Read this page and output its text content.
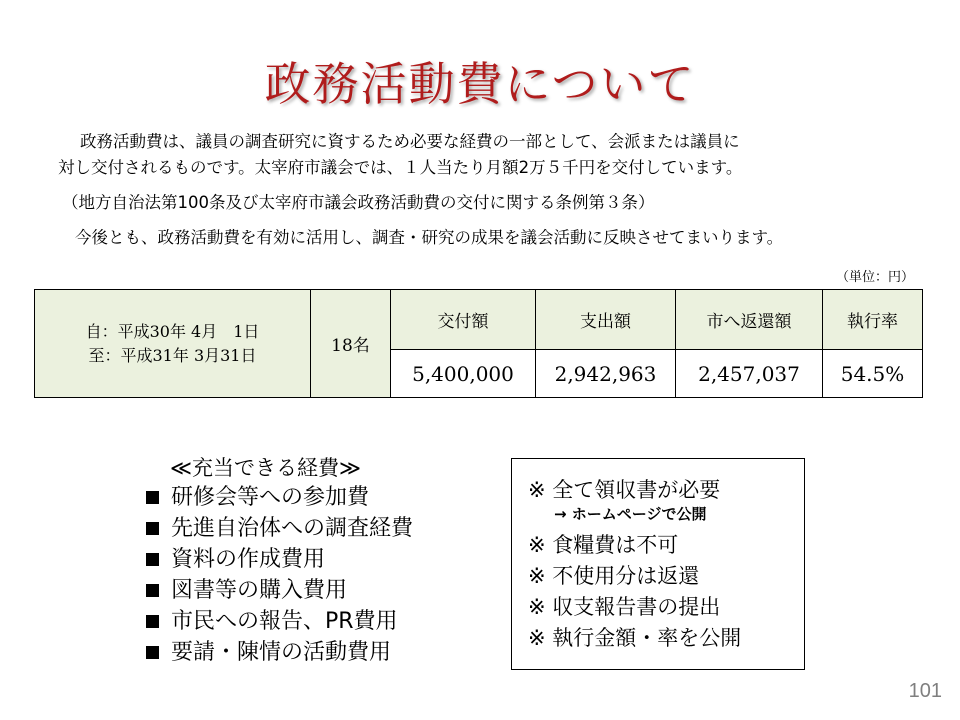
政務活動費について
政務活動費は、議員の調査研究に資するため必要な経費の一部として、会派または議員に
対し交付されるものです。太宰府市議会では、１人当たり月額2万５千円を交付しています。
（地方自治法第100条及び太宰府市議会政務活動費の交付に関する条例第３条）
今後とも、政務活動費を有効に活用し、調査・研究の成果を議会活動に反映させてまいります。
（単位：円）
自：平成30年 4月　1日
至：平成31年 3月31日	18名	交付額	支出額	市へ返還額	執行率
		5,400,000	2,942,963	2,457,037	54.5%
≪充当できる経費≫
研修会等への参加費
先進自治体への調査経費
資料の作成費用
図書等の購入費用
市民への報告、PR費用
要請・陳情の活動費用
※ 全て領収書が必要
→ ホームページで公開
※ 食糧費は不可
※ 不使用分は返還
※ 収支報告書の提出
※ 執行金額・率を公開
101
